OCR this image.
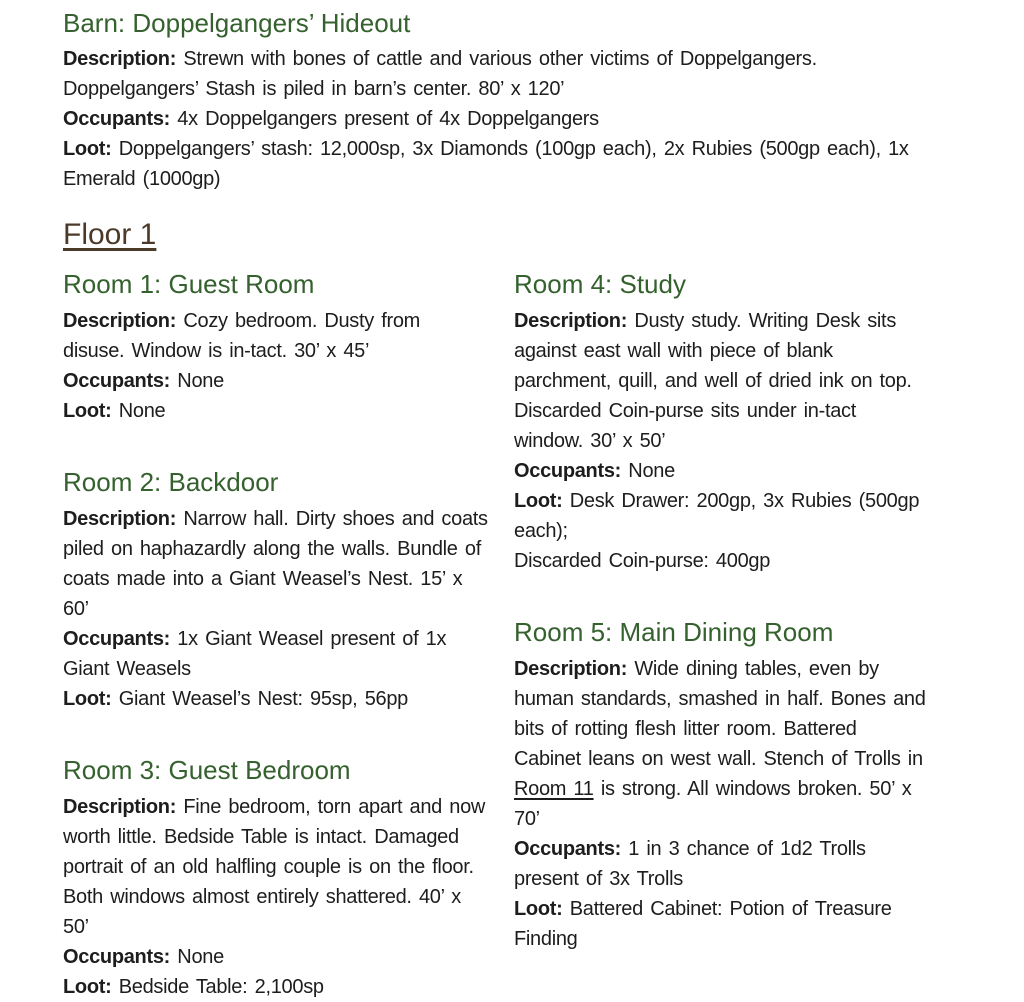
Barn: Doppelgangers’ Hideout

Description: Strewn with bones of cattle and various other victims of Doppelgangers. Doppelgangers’ Stash is piled in barn’s center. 80’ x 120’

Occupants: 4x Doppelgangers present of 4x Doppelgangers

Loot: Doppelgangers’ stash: 12,000sp, 3x Diamonds (100gp each), 2x Rubies (500gp each), 1x Emerald (1000gp)

Floor 1
Room 1: Guest Room

Description: Cozy bedroom. Dusty from disuse. Window is in-tact. 30’ x 45’

Occupants: None

Loot: None

Room 2: Backdoor

Description: Narrow hall. Dirty shoes and coats piled on haphazardly along the walls. Bundle of coats made into a Giant Weasel’s Nest. 15’ x 60’

Occupants: 1x Giant Weasel present of 1x Giant Weasels

Loot: Giant Weasel’s Nest: 95sp, 56pp

Room 3: Guest Bedroom

Description: Fine bedroom, torn apart and now worth little. Bedside Table is intact. Damaged portrait of an old halfling couple is on the floor. Both windows almost entirely shattered. 40’ x 50’

Occupants: None

Loot: Bedside Table: 2,100sp

Room 4: Study

Description: Dusty study. Writing Desk sits against east wall with piece of blank parchment, quill, and well of dried ink on top. Discarded Coin-purse sits under in-tact window. 30’ x 50’

Occupants: None

Loot: Desk Drawer: 200gp, 3x Rubies (500gp each);
Discarded Coin-purse: 400gp

Room 5: Main Dining Room

Description: Wide dining tables, even by human standards, smashed in half. Bones and bits of rotting flesh litter room. Battered Cabinet leans on west wall. Stench of Trolls in Room 11 is strong. All windows broken. 50’ x 70’

Occupants: 1 in 3 chance of 1d2 Trolls present of 3x Trolls

Loot: Battered Cabinet: Potion of Treasure Finding
